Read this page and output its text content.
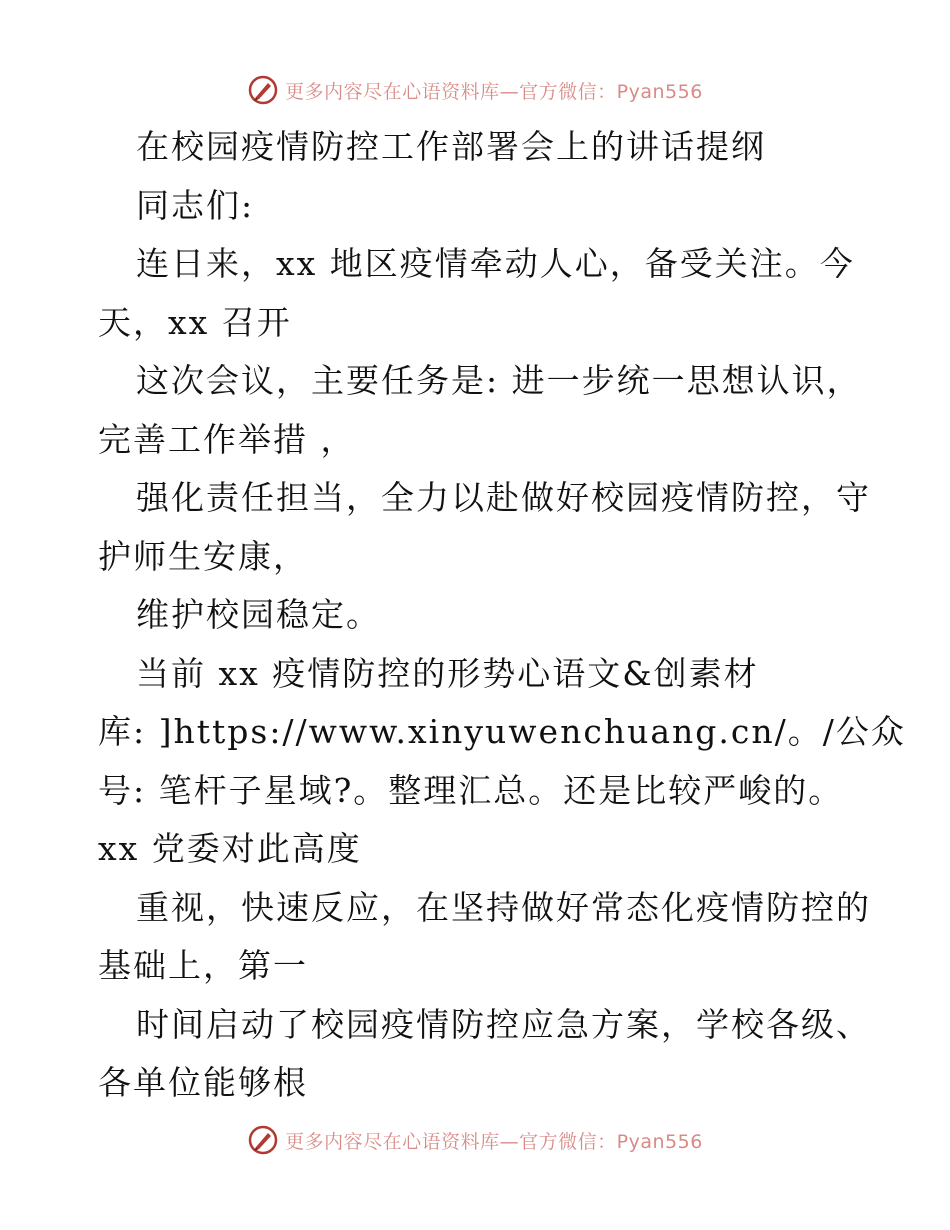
更多内容尽在心语资料库—官方微信：Pyan556
在校园疫情防控工作部署会上的讲话提纲
同志们:
连日来，xx 地区疫情牵动人心，备受关注。今
天，xx 召开
这次会议，主要任务是: 进一步统一思想认识，
完善工作举措 ，
强化责任担当，全力以赴做好校园疫情防控，守
护师生安康，
维护校园稳定。
当前 xx 疫情防控的形势心语文&创素材
库: ]https://www.xinyuwenchuang.cn/。/公众
号: 笔杆子星域?。整理汇总。还是比较严峻的。
xx 党委对此高度
重视，快速反应，在坚持做好常态化疫情防控的
基础上，第一
时间启动了校园疫情防控应急方案，学校各级、
各单位能够根
更多内容尽在心语资料库—官方微信：Pyan556
